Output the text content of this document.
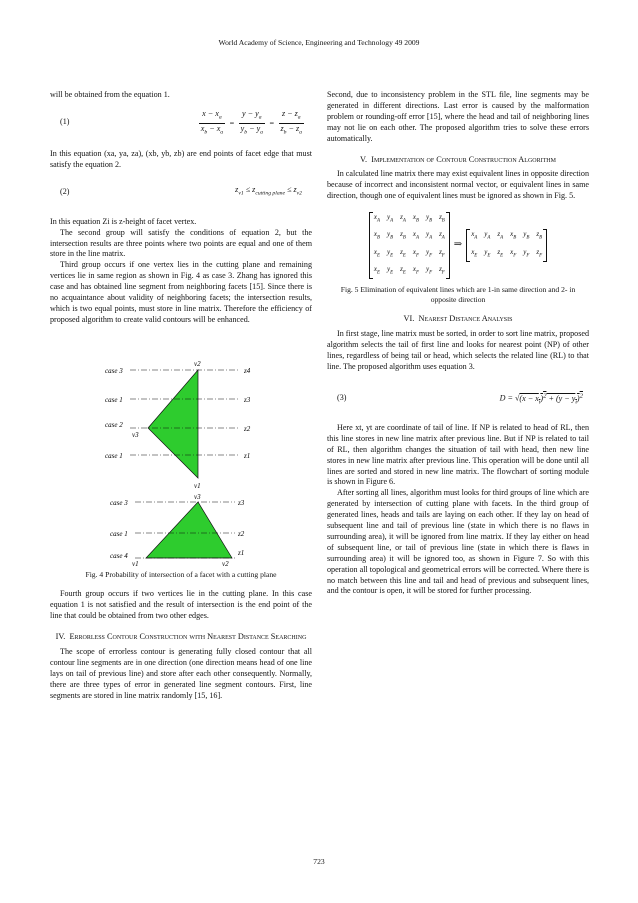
World Academy of Science, Engineering and Technology 49 2009

will be obtained from the equation 1.

(1)	$\frac{x - x_a}{x_b - x_a} = \frac{y - y_a}{y_b - y_a} = \frac{z - z_a}{z_b - z_a}$

In this equation (xa, ya, za), (xb, yb, zb) are end points of facet edge that must satisfy the equation 2.

(2)	$z_{v1} \le z_{cutting plane} \le z_{v2}$

In this equation Zi is z-height of facet vertex.

The second group will satisfy the conditions of equation 2, but the intersection results are three points where two points are equal and one of them store in the line matrix.

Third group occurs if one vertex lies in the cutting plane and remaining vertices lie in same region as shown in Fig. 4 as case 3. Zhang has ignored this case and has obtained line segment from neighboring facets [15]. Since there is no acquaintance about validity of neighboring facets; the intersection results, which is two equal points, must store in line matrix. Therefore the efficiency of proposed algorithm to create valid contours will be enhanced.

case 3
case 1
case 2
case 1
z4
z3
z2
z1
v2
v3
v1
case 3
case 1
case 4
z3
z2
z1
v3
v1	v2

Fig. 4 Probability of intersection of a facet with a cutting plane

Fourth group occurs if two vertices lie in the cutting plane. In this case equation 1 is not satisfied and the result of intersection is the end point of the line that could be obtained from two other edges.

IV. Errorless Contour Construction with Nearest Distance Searching

The scope of errorless contour is generating fully closed contour that all contour line segments are in one direction (one direction means head of one line lays on tail of previous line) and store after each other consequently. Normally, there are three types of error in generated line segment contours. First, line segments are stored in line matrix randomly [15, 16].

Second, due to inconsistency problem in the STL file, line segments may be generated in different directions. Last error is caused by the malformation problem or rounding-off error [15], where the head and tail of neighboring lines may not lie on each other. The proposed algorithm tries to solve these errors automatically.

V. Implementation of Contour Construction Algorithm

In calculated line matrix there may exist equivalent lines in opposite direction because of incorrect and inconsistent normal vector, or equivalent lines in same direction, though one of equivalent lines must be ignored as shown in Fig. 5.

$x_A$ $y_A$ $z_A$ $x_B$ $y_B$ $z_B$
$x_B$ $y_B$ $z_B$ $x_A$ $y_A$ $z_A$
$x_E$ $y_E$ $z_E$ $x_F$ $y_F$ $z_F$
$x_E$ $y_E$ $z_E$ $x_F$ $y_F$ $z_F$
⇒
$x_A$ $y_A$ $z_A$ $x_B$ $y_B$ $z_B$
$x_E$ $y_E$ $z_E$ $x_F$ $y_F$ $z_F$

Fig. 5 Elimination of equivalent lines which are 1-in same direction and 2- in opposite direction

VI. Nearest Distance Analysis

In first stage, line matrix must be sorted, in order to sort line matrix, proposed algorithm selects the tail of first line and looks for nearest point (NP) of other lines, regardless of being tail or head, which selects the related line (RL) to that line. The proposed algorithm uses equation 3.

(3)	$D = √(x - x_t)^2 + (y - y_t)^2$

Here xt, yt are coordinate of tail of line. If NP is related to head of RL, then this line stores in new line matrix after previous line. But if NP is related to tail of RL, then algorithm changes the situation of tail with head, then new line stores in new line matrix after previous line. This operation will be done until all lines are sorted and stored in new line matrix. The flowchart of sorting module is shown in Figure 6.

After sorting all lines, algorithm must looks for third groups of line which are generated by intersection of cutting plane with facets. In the third group of generated lines, heads and tails are laying on each other. If they lay on head of subsequent line and tail of previous line (state in which there is no flaws in surrounding area), it will be ignored from line matrix. If they lay either on head of subsequent line, or tail of previous line (state in which there is flaws in surrounding area) it will be ignored too, as shown in Figure 7. So with this operation all topological and geometrical errors will be corrected. Where there is no match between this line and tail and head of previous and subsequent lines, and the contour is open, it will be stored for further processing.

723
